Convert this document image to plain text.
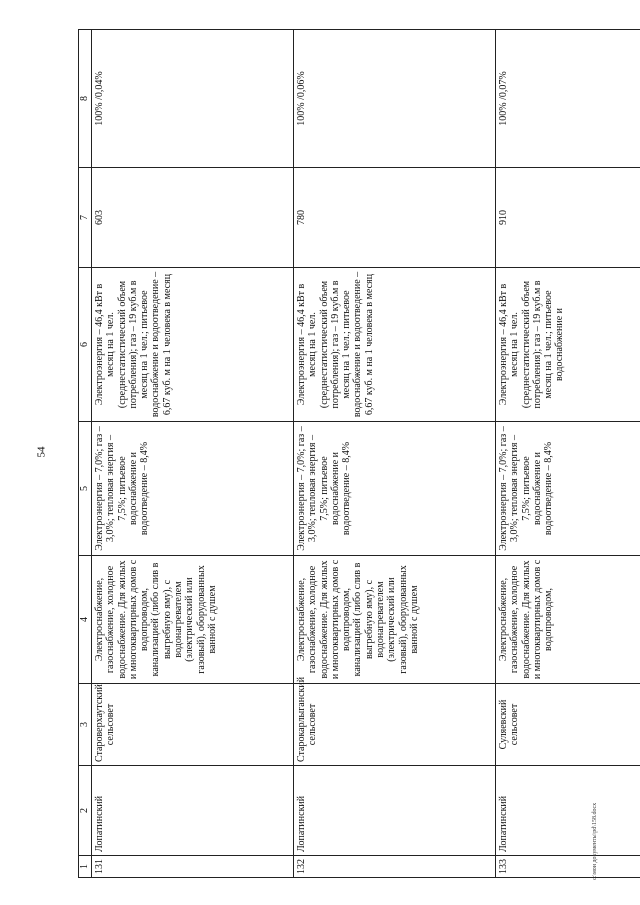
54
1	2	3	4	5	6	7	8
131	Лопатинский	Староверхаутский сельсовет	Электроснабжение, газоснабжение, холодное водоснабжение. Для жилых и многоквартирных домов с водопроводом, канализацией (либо слив в выгребную яму), с водонагревателем (электрический или газовый), оборудованных ванной с душем	Электроэнергия – 7,0%; газ – 3,0%; тепловая энергия – 7,5%; питьевое водоснабжение и водоотведение – 8,4%	Электроэнергия – 46,4 кВт в месяц на 1 чел. (среднестатистический объем потребления); газ – 19 куб.м в месяц на 1 чел.; питьевое водоснабжение и водоотведение – 6,67 куб. м на 1 человека в месяц	603	100% /0,04%
132	Лопатинский	Старокарлыганский сельсовет	Электроснабжение, газоснабжение, холодное водоснабжение. Для жилых и многоквартирных домов с водопроводом, канализацией (либо слив в выгребную яму), с водонагревателем (электрический или газовый), оборудованных ванной с душем	Электроэнергия – 7,0%; газ – 3,0%; тепловая энергия – 7,5%; питьевое водоснабжение и водоотведение – 8,4%	Электроэнергия – 46,4 кВт в месяц на 1 чел. (среднестатистический объем потребления); газ – 19 куб.м в месяц на 1 чел.; питьевое водоснабжение и водоотведение – 6,67 куб. м на 1 человека в месяц	780	100% /0,06%
133	Лопатинский	Суляевский сельсовет	Электроснабжение, газоснабжение, холодное водоснабжение. Для жилых и многоквартирных домов с водопроводом,	Электроэнергия – 7,0%; газ – 3,0%; тепловая энергия – 7,5%; питьевое водоснабжение и водоотведение – 8,4%	Электроэнергия – 46,4 кВт в месяц на 1 чел. (среднестатистический объем потребления); газ – 19 куб.м в месяц на 1 чел.; питьевое водоснабжение и	910	100% /0,07%
c:\мои документы\pd\158.docx
